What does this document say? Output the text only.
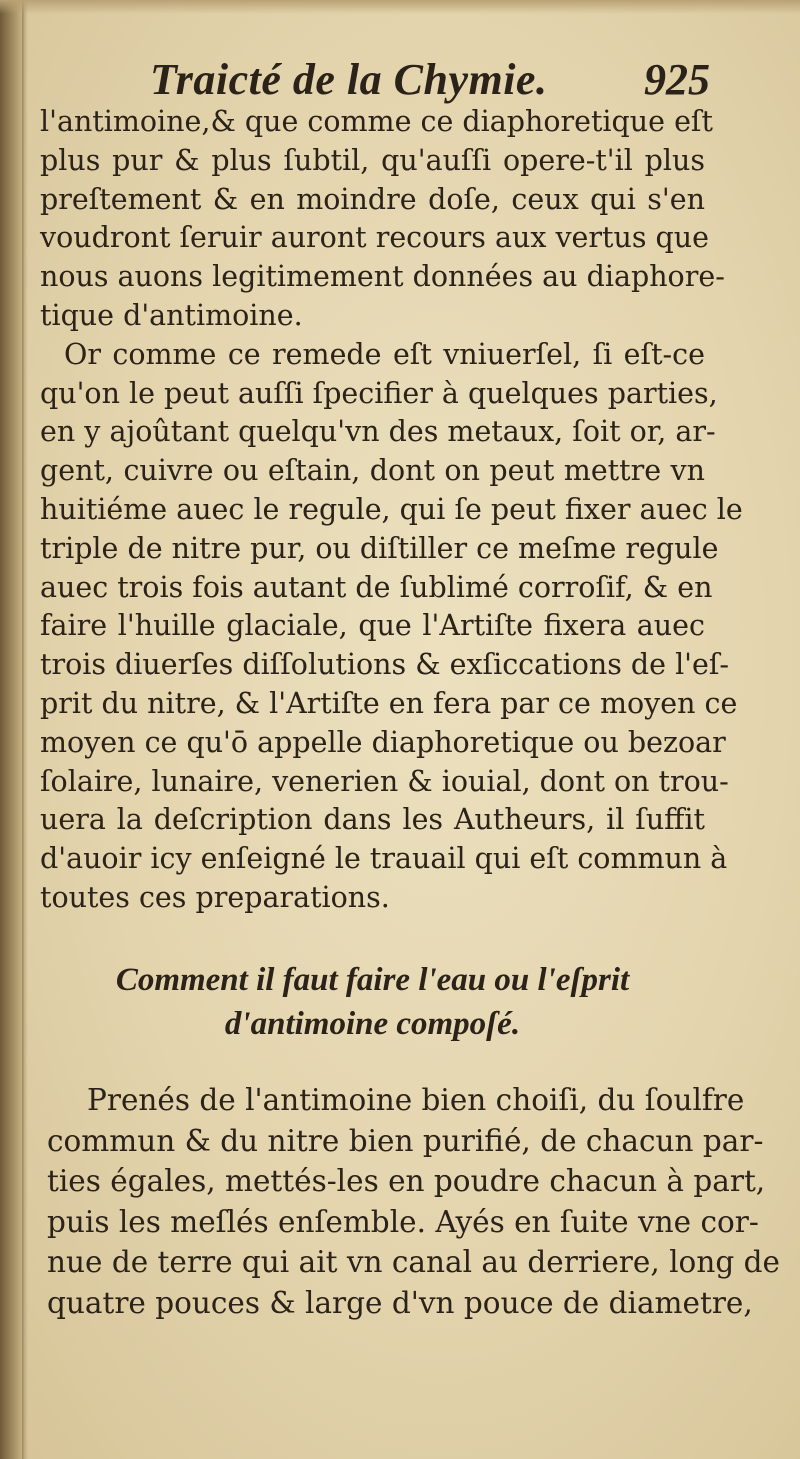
Traicté de la Chymie. 925
l'antimoine,& que comme ce diaphoretique eſt
plus pur & plus ſubtil, qu'auſſi opere-t'il plus
preſtement & en moindre doſe, ceux qui s'en
voudront ſeruir auront recours aux vertus que
nous auons legitimement données au diaphore-
tique d'antimoine.
Or comme ce remede eſt vniuerſel, ſi eſt-ce
qu'on le peut auſſi ſpecifier à quelques parties,
en y ajoûtant quelqu'vn des metaux, ſoit or, ar-
gent, cuivre ou eſtain, dont on peut mettre vn
huitiéme auec le regule, qui ſe peut fixer auec le
triple de nitre pur, ou diſtiller ce meſme regule
auec trois fois autant de ſublimé corroſif, & en
faire l'huille glaciale, que l'Artiſte fixera auec
trois diuerſes diſſolutions & exſiccations de l'eſ-
prit du nitre, & l'Artiſte en fera par ce moyen ce
moyen ce qu'ō appelle diaphoretique ou bezoar
ſolaire, lunaire, venerien & iouial, dont on trou-
uera la deſcription dans les Autheurs, il ſuffit
d'auoir icy enſeigné le trauail qui eſt commun à
toutes ces preparations.
Comment il faut faire l'eau ou l'eſprit
d'antimoine compoſé.
Prenés de l'antimoine bien choiſi, du ſoulfre
commun & du nitre bien purifié, de chacun par-
ties égales, mettés-les en poudre chacun à part,
puis les meſlés enſemble. Ayés en ſuite vne cor-
nue de terre qui ait vn canal au derriere, long de
quatre pouces & large d'vn pouce de diametre,
